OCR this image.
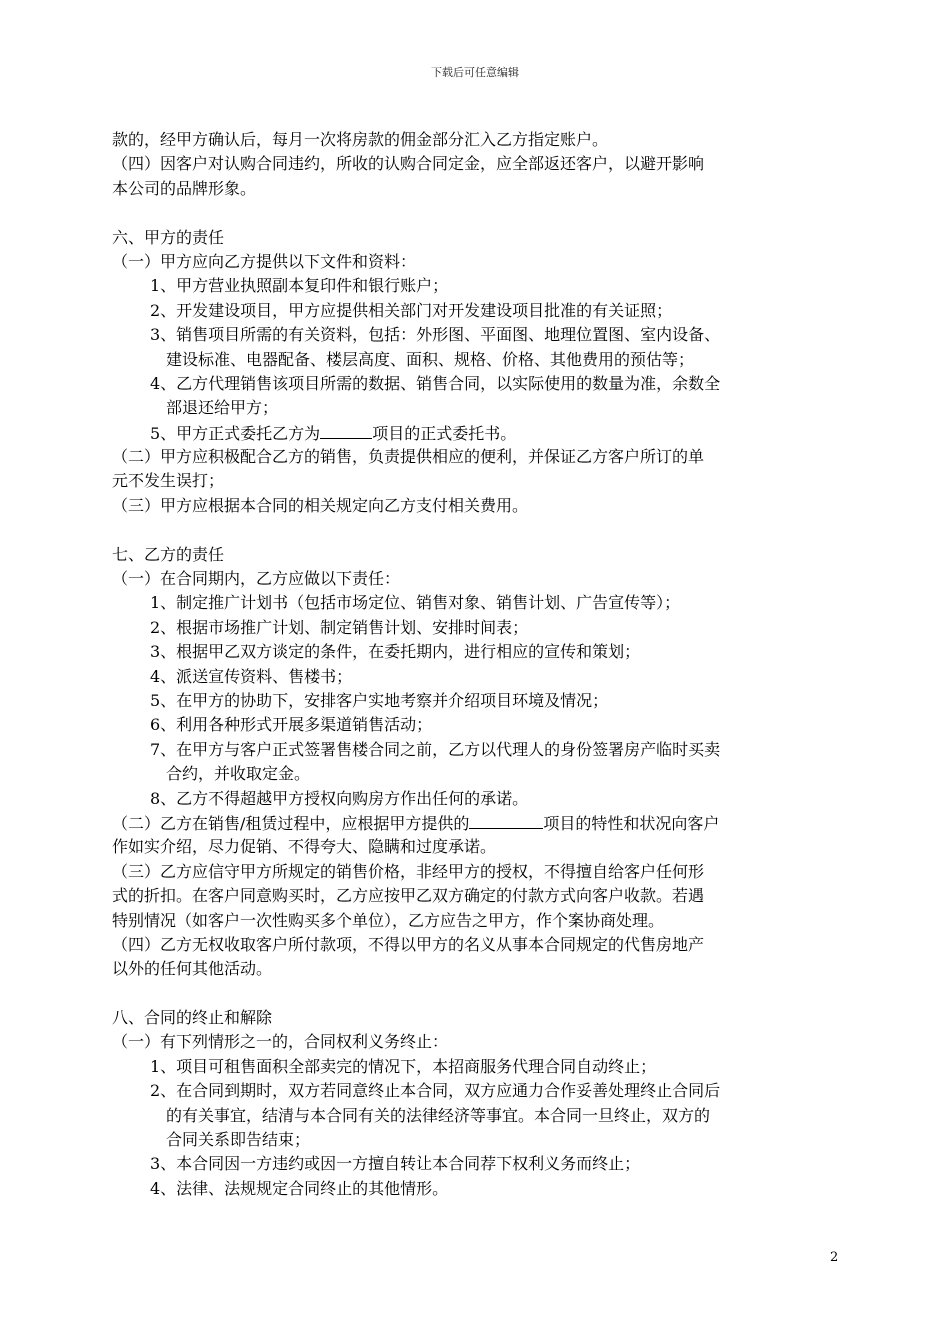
下载后可任意编辑
款的，经甲方确认后，每月一次将房款的佣金部分汇入乙方指定账户。
（四）因客户对认购合同违约，所收的认购合同定金，应全部返还客户，以避开影响
本公司的品牌形象。
六、甲方的责任
（一）甲方应向乙方提供以下文件和资料：
1、甲方营业执照副本复印件和银行账户；
2、开发建设项目，甲方应提供相关部门对开发建设项目批准的有关证照；
3、销售项目所需的有关资料，包括：外形图、平面图、地理位置图、室内设备、
建设标准、电器配备、楼层高度、面积、规格、价格、其他费用的预估等；
4、乙方代理销售该项目所需的数据、销售合同，以实际使用的数量为准，余数全
部退还给甲方；
5、甲方正式委托乙方为	项目的正式委托书。
（二）甲方应积极配合乙方的销售，负责提供相应的便利，并保证乙方客户所订的单
元不发生误打；
（三）甲方应根据本合同的相关规定向乙方支付相关费用。
七、乙方的责任
（一）在合同期内，乙方应做以下责任：
1、制定推广计划书（包括市场定位、销售对象、销售计划、广告宣传等）；
2、根据市场推广计划、制定销售计划、安排时间表；
3、根据甲乙双方谈定的条件，在委托期内，进行相应的宣传和策划；
4、派送宣传资料、售楼书；
5、在甲方的协助下，安排客户实地考察并介绍项目环境及情况；
6、利用各种形式开展多渠道销售活动；
7、在甲方与客户正式签署售楼合同之前，乙方以代理人的身份签署房产临时买卖
合约，并收取定金。
8、乙方不得超越甲方授权向购房方作出任何的承诺。
（二）乙方在销售/租赁过程中，应根据甲方提供的	项目的特性和状况向客户
作如实介绍，尽力促销、不得夸大、隐瞒和过度承诺。
（三）乙方应信守甲方所规定的销售价格，非经甲方的授权，不得擅自给客户任何形
式的折扣。在客户同意购买时，乙方应按甲乙双方确定的付款方式向客户收款。若遇
特别情况（如客户一次性购买多个单位），乙方应告之甲方，作个案协商处理。
（四）乙方无权收取客户所付款项，不得以甲方的名义从事本合同规定的代售房地产
以外的任何其他活动。
八、合同的终止和解除
（一）有下列情形之一的，合同权利义务终止：
1、项目可租售面积全部卖完的情况下，本招商服务代理合同自动终止；
2、在合同到期时，双方若同意终止本合同，双方应通力合作妥善处理终止合同后
的有关事宜，结清与本合同有关的法律经济等事宜。本合同一旦终止，双方的
合同关系即告结束；
3、本合同因一方违约或因一方擅自转让本合同荐下权利义务而终止；
4、法律、法规规定合同终止的其他情形。
2
